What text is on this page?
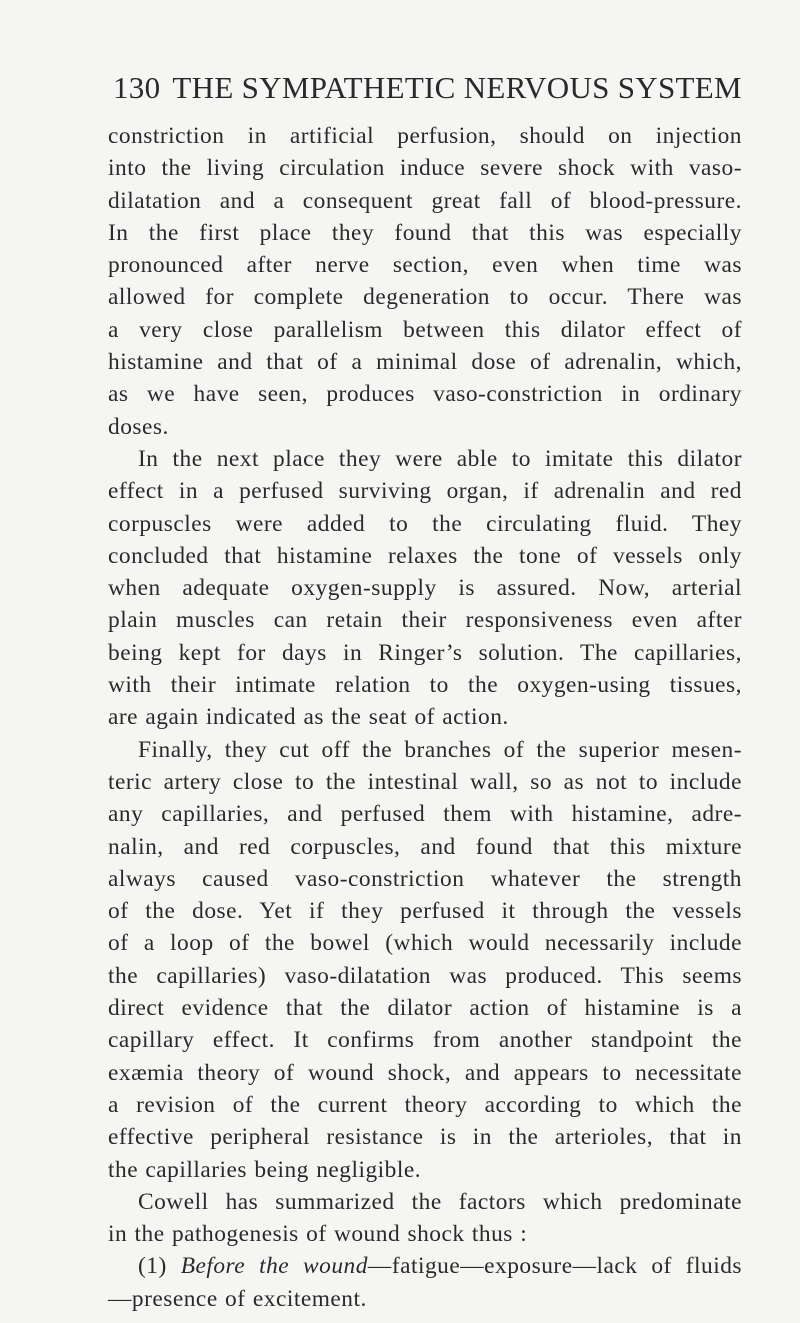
130 THE SYMPATHETIC NERVOUS SYSTEM
constriction in artificial perfusion, should on injection
into the living circulation induce severe shock with vaso-
dilatation and a consequent great fall of blood-pressure.
In the first place they found that this was especially
pronounced after nerve section, even when time was
allowed for complete degeneration to occur. There was
a very close parallelism between this dilator effect of
histamine and that of a minimal dose of adrenalin, which,
as we have seen, produces vaso-constriction in ordinary
doses.
In the next place they were able to imitate this dilator
effect in a perfused surviving organ, if adrenalin and red
corpuscles were added to the circulating fluid. They
concluded that histamine relaxes the tone of vessels only
when adequate oxygen-supply is assured. Now, arterial
plain muscles can retain their responsiveness even after
being kept for days in Ringer’s solution. The capillaries,
with their intimate relation to the oxygen-using tissues,
are again indicated as the seat of action.
Finally, they cut off the branches of the superior mesen-
teric artery close to the intestinal wall, so as not to include
any capillaries, and perfused them with histamine, adre-
nalin, and red corpuscles, and found that this mixture
always caused vaso-constriction whatever the strength
of the dose. Yet if they perfused it through the vessels
of a loop of the bowel (which would necessarily include
the capillaries) vaso-dilatation was produced. This seems
direct evidence that the dilator action of histamine is a
capillary effect. It confirms from another standpoint the
exæmia theory of wound shock, and appears to necessitate
a revision of the current theory according to which the
effective peripheral resistance is in the arterioles, that in
the capillaries being negligible.
Cowell has summarized the factors which predominate
in the pathogenesis of wound shock thus :
(1) Before the wound—fatigue—exposure—lack of fluids
—presence of excitement.
